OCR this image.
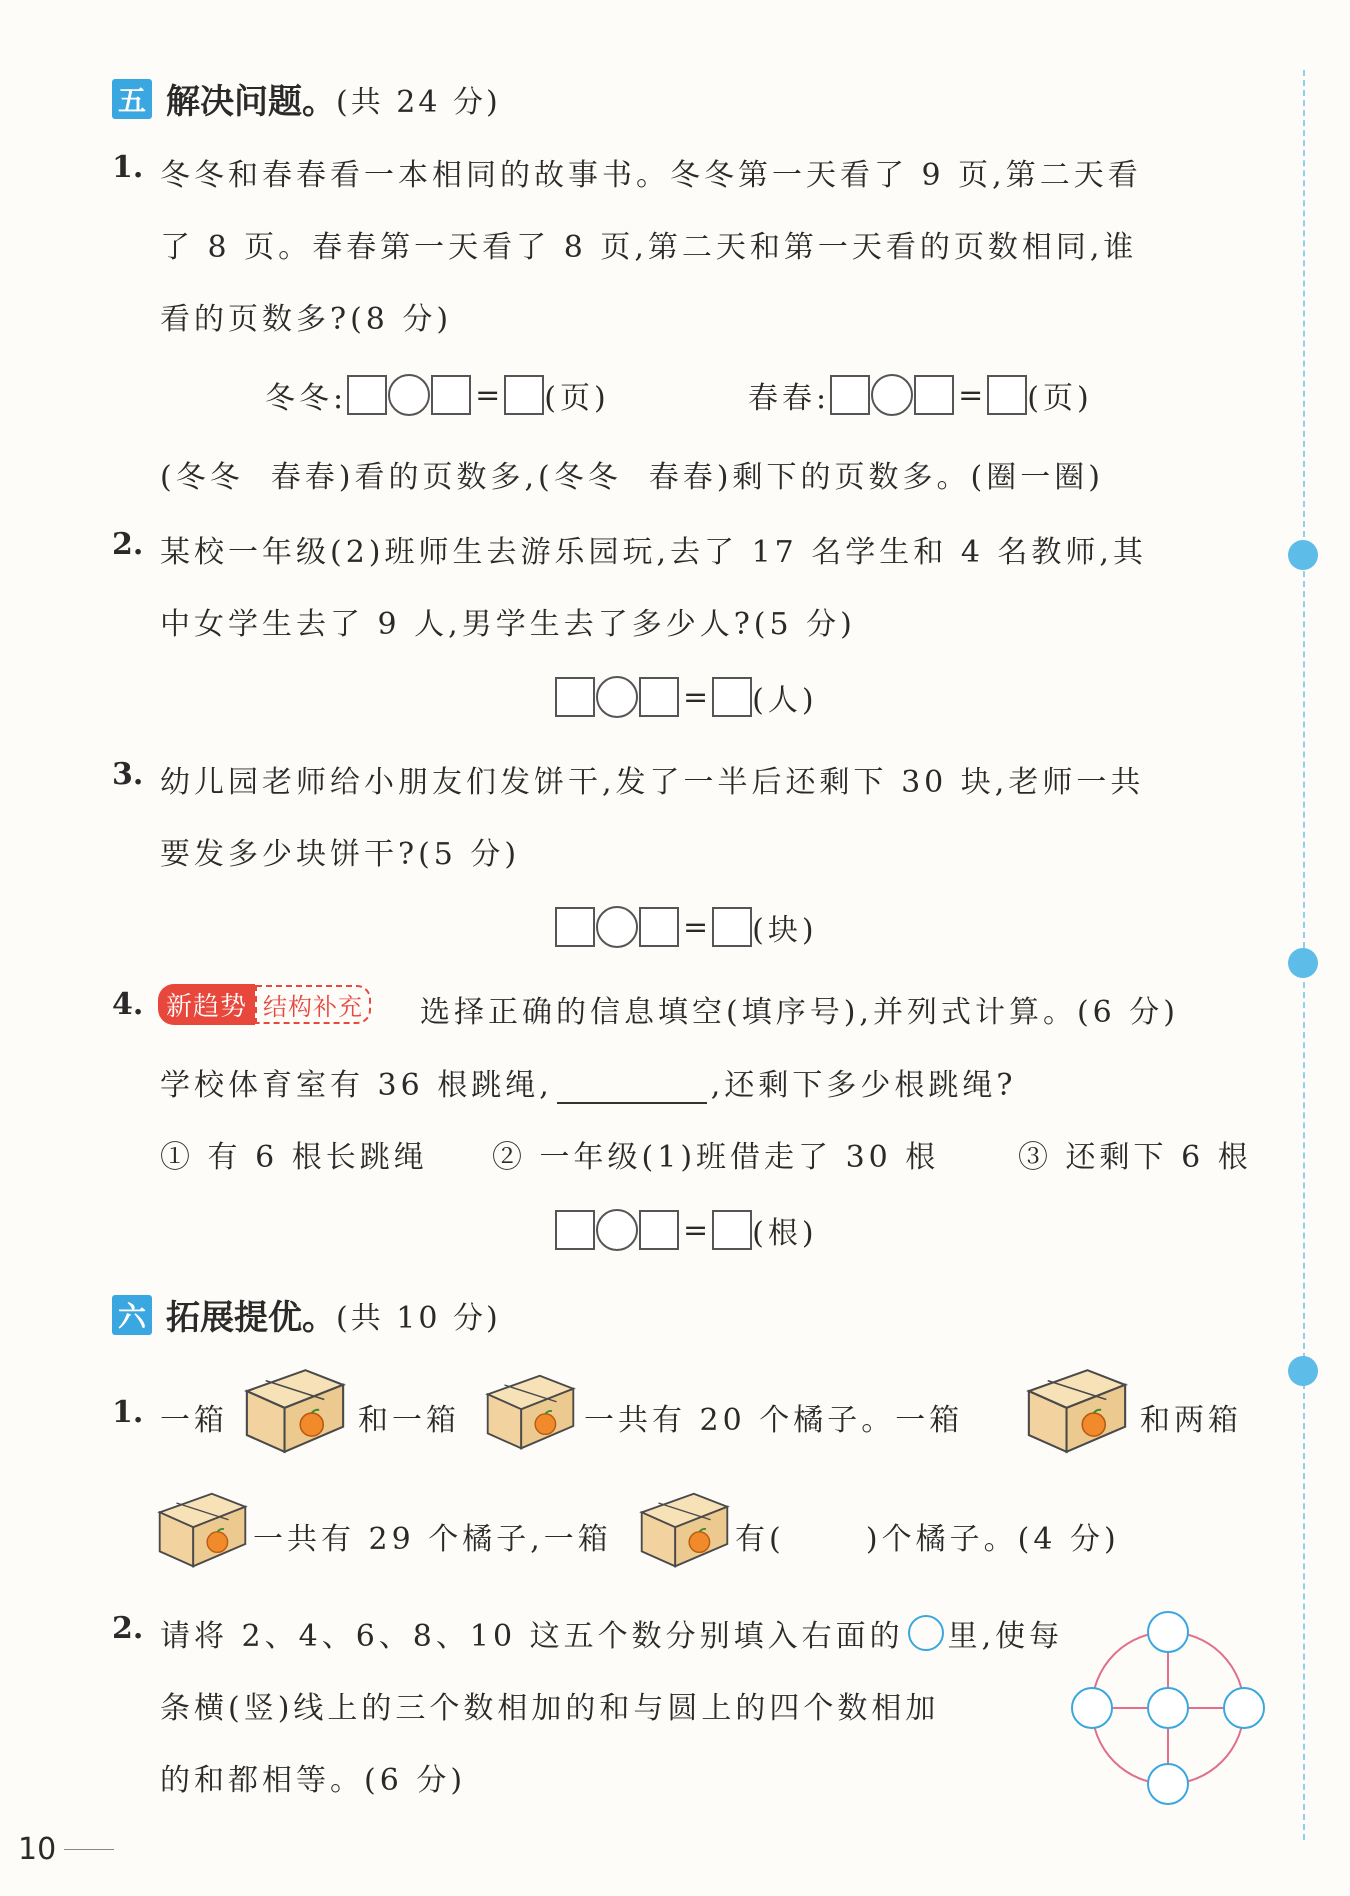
五 解决问题。 (共 24 分)
1. 冬冬和春春看一本相同的故事书。冬冬第一天看了 9 页,第二天看
了 8 页。春春第一天看了 8 页,第二天和第一天看的页数相同,谁
看的页数多?(8 分)
冬冬:	= (页)	春春:	= (页)
(冬冬  春春)看的页数多,(冬冬  春春)剩下的页数多。(圈一圈)
2. 某校一年级(2)班师生去游乐园玩,去了 17 名学生和 4 名教师,其
中女学生去了 9 人,男学生去了多少人?(5 分)
= (人)
3. 幼儿园老师给小朋友们发饼干,发了一半后还剩下 30 块,老师一共
要发多少块饼干?(5 分)
= (块)
4. 新趋势 结构补充 选择正确的信息填空(填序号),并列式计算。(6 分)
学校体育室有 36 根跳绳,	,还剩下多少根跳绳?
① 有 6 根长跳绳 ② 一年级(1)班借走了 30 根	③ 还剩下 6 根
= (根)
六 拓展提优。 (共 10 分)
1. 一箱	和一箱	一共有 20 个橘子。一箱	和两箱
一共有 29 个橘子,一箱	有(      )个橘子。(4 分)
2. 请将 2、4、6、8、10 这五个数分别填入右面的 里,使每
条横(竖)线上的三个数相加的和与圆上的四个数相加
的和都相等。(6 分)
10
